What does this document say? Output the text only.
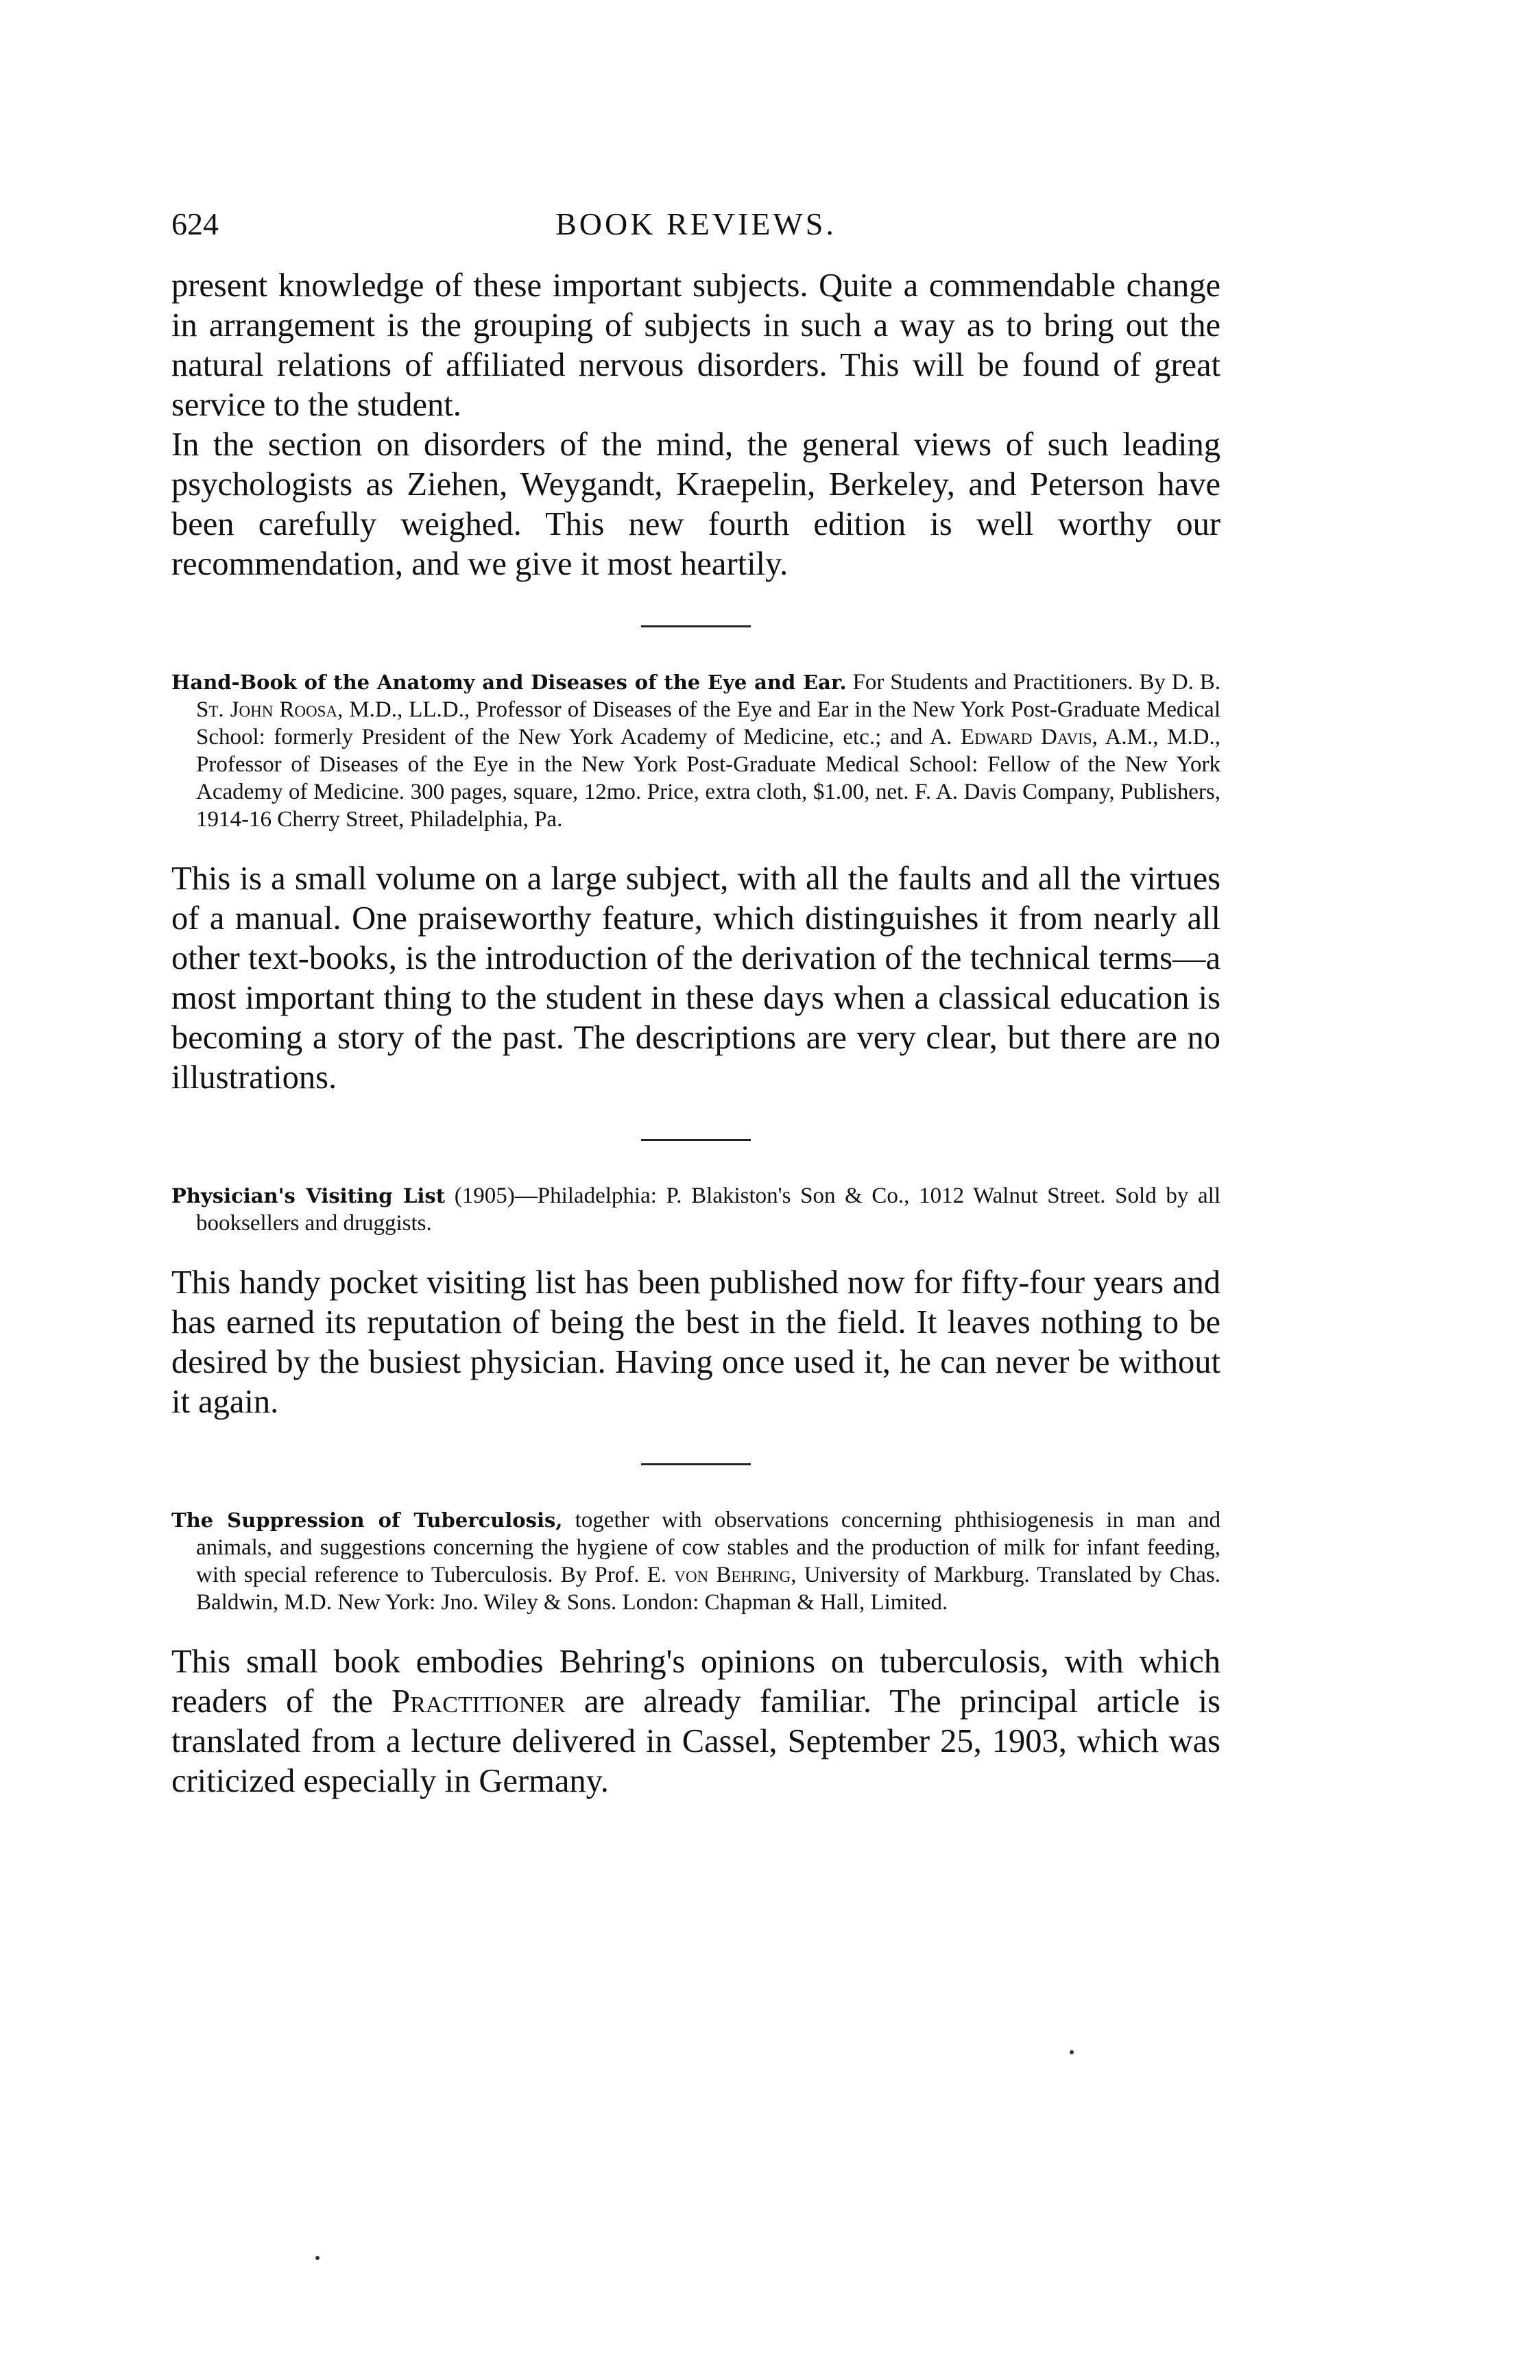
624	BOOK REVIEWS.

present knowledge of these important subjects. Quite a commendable change in arrangement is the grouping of subjects in such a way as to bring out the natural relations of affiliated nervous disorders. This will be found of great service to the student.

In the section on disorders of the mind, the general views of such leading psychologists as Ziehen, Weygandt, Kraepelin, Berkeley, and Peterson have been carefully weighed. This new fourth edition is well worthy our recommendation, and we give it most heartily.

Hand-Book of the Anatomy and Diseases of the Eye and Ear. For Students and Practitioners. By D. B. St. John Roosa, M.D., LL.D., Professor of Diseases of the Eye and Ear in the New York Post-Graduate Medical School: formerly President of the New York Academy of Medicine, etc.; and A. Edward Davis, A.M., M.D., Professor of Diseases of the Eye in the New York Post-Graduate Medical School: Fellow of the New York Academy of Medicine. 300 pages, square, 12mo. Price, extra cloth, $1.00, net. F. A. Davis Company, Publishers, 1914-16 Cherry Street, Philadelphia, Pa.

This is a small volume on a large subject, with all the faults and all the virtues of a manual. One praiseworthy feature, which distinguishes it from nearly all other text-books, is the introduction of the derivation of the technical terms—a most important thing to the student in these days when a classical education is becoming a story of the past. The descriptions are very clear, but there are no illustrations.

Physician's Visiting List (1905)—Philadelphia: P. Blakiston's Son & Co., 1012 Walnut Street. Sold by all booksellers and druggists.

This handy pocket visiting list has been published now for fifty-four years and has earned its reputation of being the best in the field. It leaves nothing to be desired by the busiest physician. Having once used it, he can never be without it again.

The Suppression of Tuberculosis, together with observations concerning phthisiogenesis in man and animals, and suggestions concerning the hygiene of cow stables and the production of milk for infant feeding, with special reference to Tuberculosis. By Prof. E. von Behring, University of Markburg. Translated by Chas. Baldwin, M.D. New York: Jno. Wiley & Sons. London: Chapman & Hall, Limited.

This small book embodies Behring's opinions on tuberculosis, with which readers of the Practitioner are already familiar. The principal article is translated from a lecture delivered in Cassel, September 25, 1903, which was criticized especially in Germany.
